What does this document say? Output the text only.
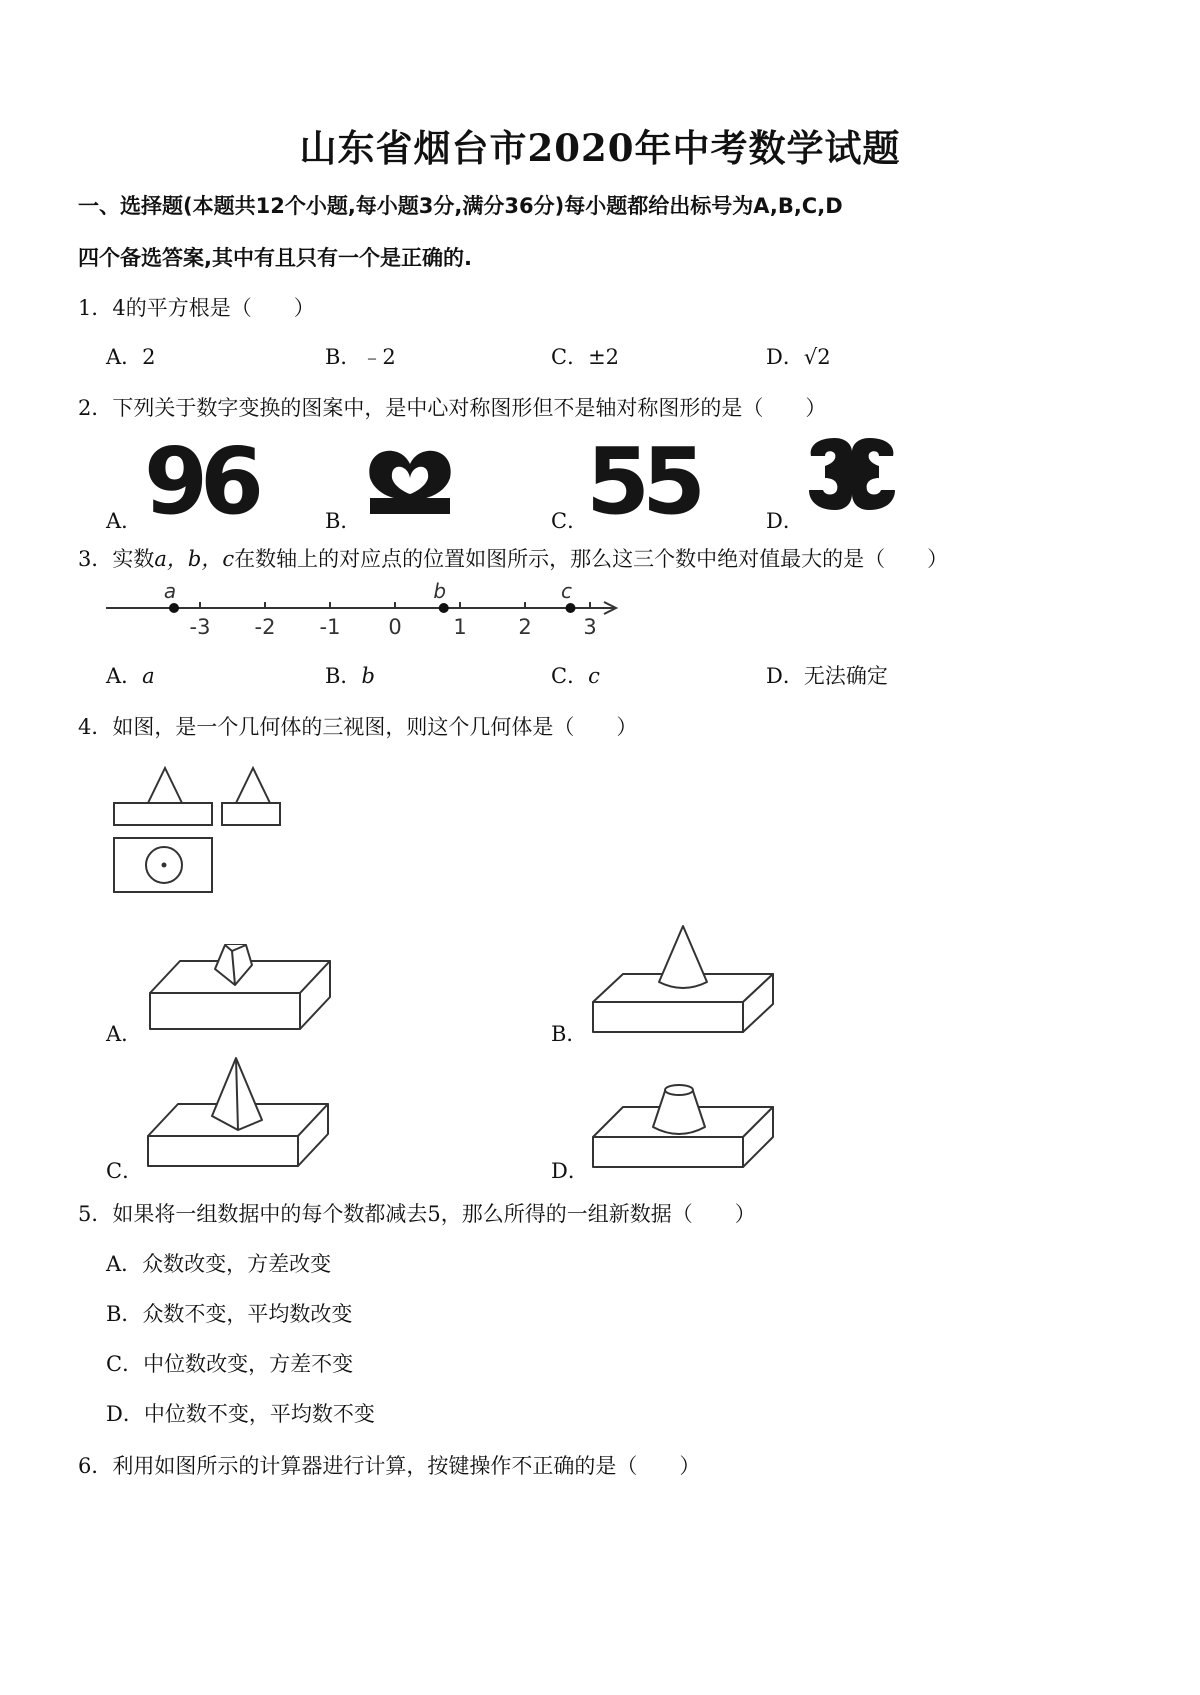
山东省烟台市2020年中考数学试题
一、选择题(本题共12个小题,每小题3分,满分36分)每小题都给出标号为A,B,C,D
四个备选答案,其中有且只有一个是正确的.
1．4的平方根是（　　）
A．2	B．﹣2	C．±2	D．√2
2．下列关于数字变换的图案中，是中心对称图形但不是轴对称图形的是（　　）
A． 96	B．	C．
55	D．
3．实数a，b，c在数轴上的对应点的位置如图所示，那么这三个数中绝对值最大的是（　　）
-3 -2 -1 0 1 2 3
a	b	c
A．a	B．b	C．c	D．无法确定
4．如图，是一个几何体的三视图，则这个几何体是（　　）
A．	B．
C．	D．
5．如果将一组数据中的每个数都减去5，那么所得的一组新数据（　　）
A．众数改变，方差改变
B．众数不变，平均数改变
C．中位数改变，方差不变
D．中位数不变，平均数不变
6．利用如图所示的计算器进行计算，按键操作不正确的是（　　）
